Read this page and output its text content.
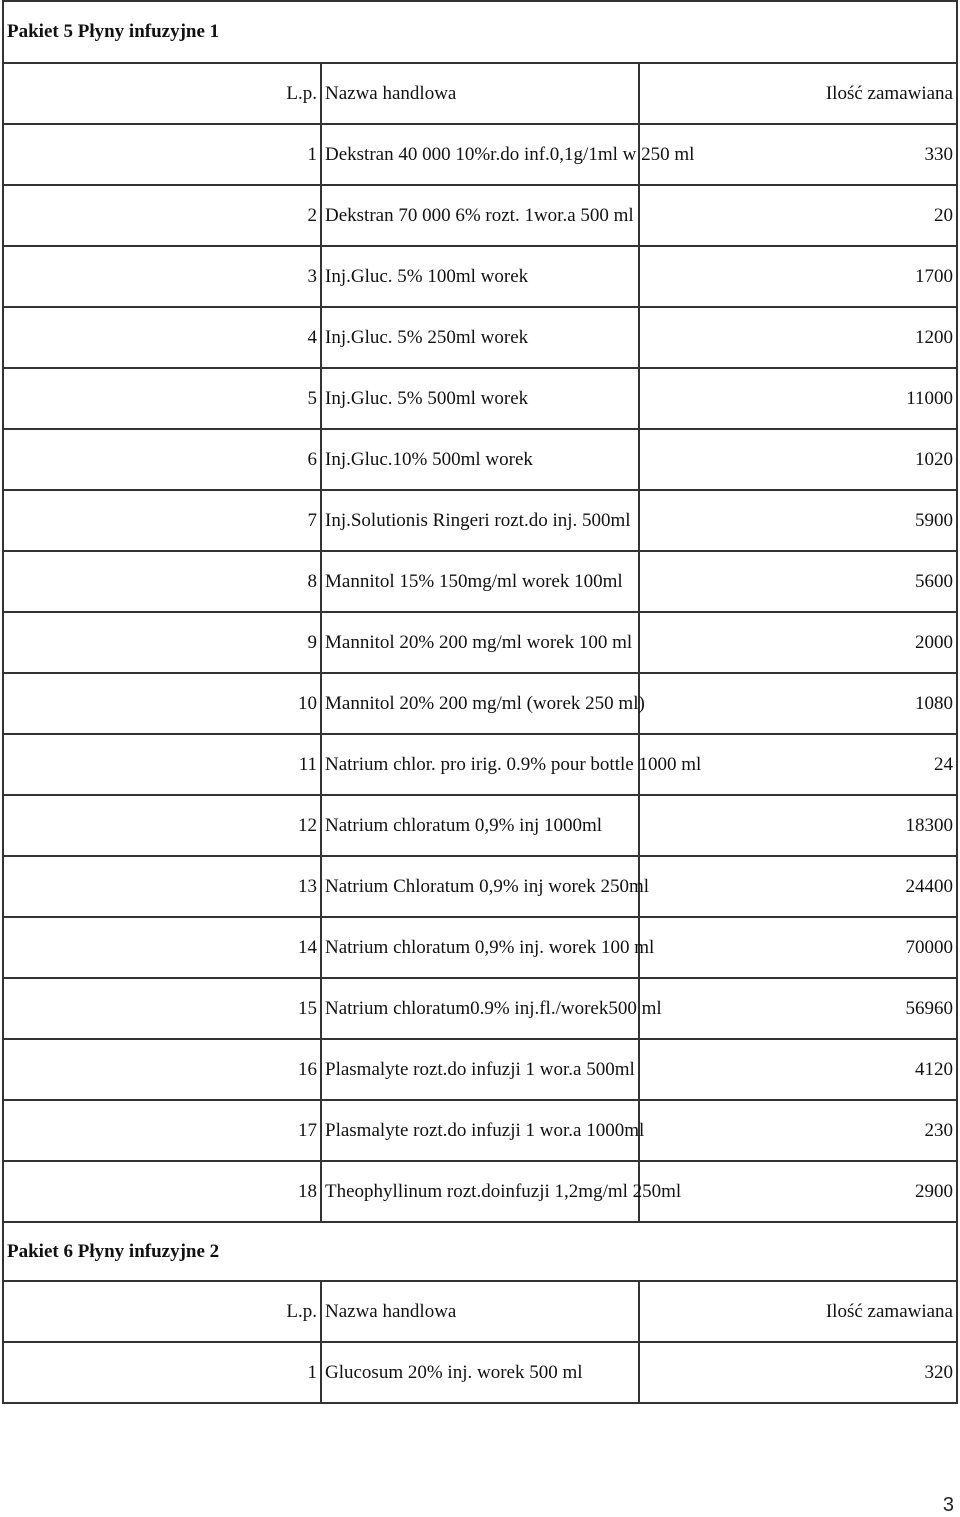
Pakiet 5 Płyny infuzyjne 1		
L.p.	Nazwa handlowa	Ilość zamawiana
1	Dekstran 40 000 10%r.do inf.0,1g/1ml w 250 ml	330
2	Dekstran 70 000 6% rozt. 1wor.a 500 ml	20
3	Inj.Gluc. 5% 100ml worek	1700
4	Inj.Gluc. 5% 250ml worek	1200
5	Inj.Gluc. 5% 500ml worek	11000
6	Inj.Gluc.10% 500ml worek	1020
7	Inj.Solutionis Ringeri rozt.do inj. 500ml	5900
8	Mannitol 15% 150mg/ml worek 100ml	5600
9	Mannitol 20% 200 mg/ml worek 100 ml	2000
10	Mannitol 20% 200 mg/ml (worek 250 ml)	1080
11	Natrium chlor. pro irig. 0.9% pour bottle 1000 ml	24
12	Natrium chloratum 0,9% inj 1000ml	18300
13	Natrium Chloratum 0,9% inj worek 250ml	24400
14	Natrium chloratum 0,9% inj. worek 100 ml	70000
15	Natrium chloratum0.9% inj.fl./worek500 ml	56960
16	Plasmalyte rozt.do infuzji 1 wor.a 500ml	4120
17	Plasmalyte rozt.do infuzji 1 wor.a 1000ml	230
18	Theophyllinum rozt.doinfuzji 1,2mg/ml 250ml	2900
Pakiet 6 Płyny infuzyjne 2		
L.p.	Nazwa handlowa	Ilość zamawiana
1	Glucosum 20% inj. worek 500 ml	320
3
